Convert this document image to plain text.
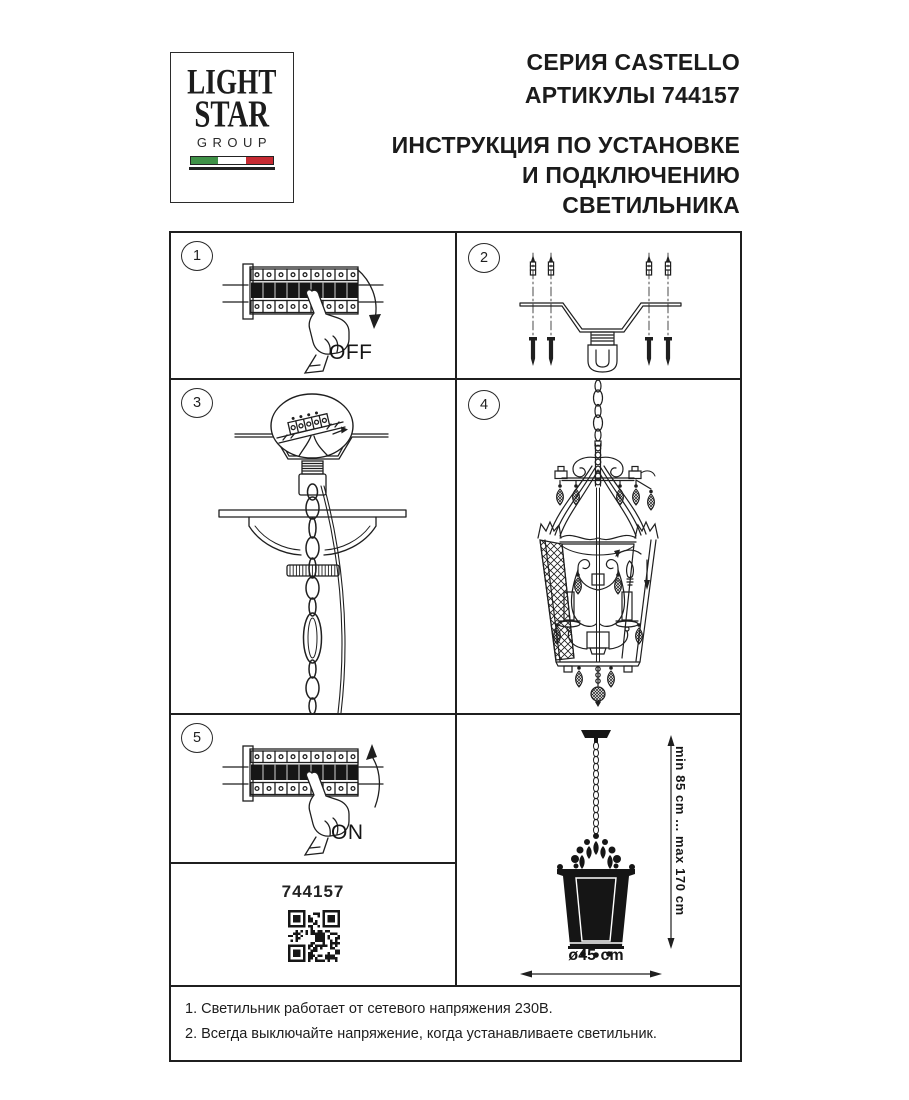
LIGHT
STAR
GROUP
СЕРИЯ CASTELLO
АРТИКУЛЫ 744157
ИНСТРУКЦИЯ ПО УСТАНОВКЕ
И ПОДКЛЮЧЕНИЮ СВЕТИЛЬНИКА
1	2
3	4
5
OFF
ON
744157	min 85 cm ... max 170 cm
ø45 cm
1. Светильник работает от сетевого напряжения 230В.
2. Всегда выключайте напряжение, когда устанавливаете светильник.
